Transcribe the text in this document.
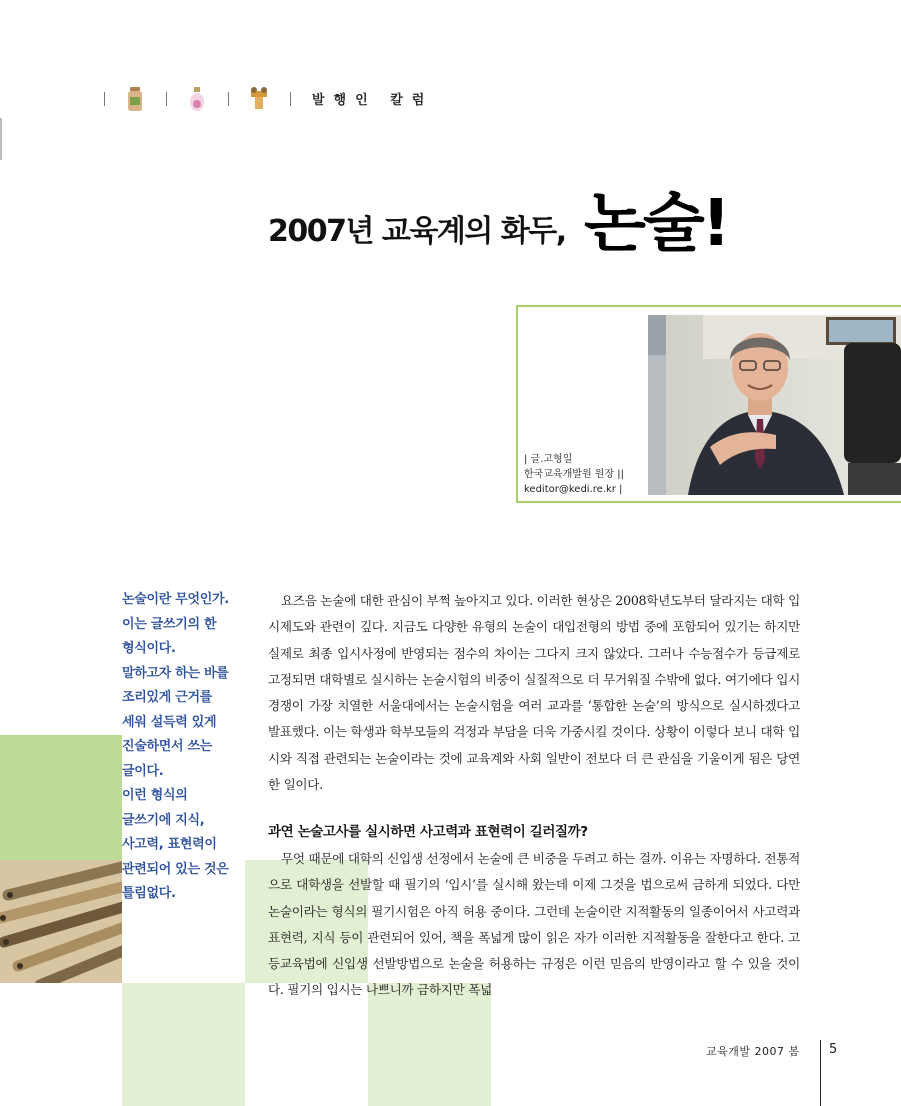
발행인 칼럼
2007년 교육계의 화두, 논술!
| 글.고형일
한국교육개발원 원장 ||
keditor@kedi.re.kr |
논술이란 무엇인가.
이는 글쓰기의 한
형식이다.
말하고자 하는 바를
조리있게 근거를
세워 설득력 있게
진술하면서 쓰는
글이다.
이런 형식의
글쓰기에 지식,
사고력, 표현력이
관련되어 있는 것은
틀림없다.
요즈음 논술에 대한 관심이 부쩍 높아지고 있다. 이러한 현상은 2008학년도부터 달라지는 대학 입시제도와 관련이 깊다. 지금도 다양한 유형의 논술이 대입전형의 방법 중에 포함되어 있기는 하지만 실제로 최종 입시사정에 반영되는 점수의 차이는 그다지 크지 않았다. 그러나 수능점수가 등급제로 고정되면 대학별로 실시하는 논술시험의 비중이 실질적으로 더 무거워질 수밖에 없다. 여기에다 입시경쟁이 가장 치열한 서울대에서는 논술시험을 여러 교과를 ‘통합한 논술’의 방식으로 실시하겠다고 발표했다. 이는 학생과 학부모들의 걱정과 부담을 더욱 가중시킬 것이다. 상황이 이렇다 보니 대학 입시와 직접 관련되는 논술이라는 것에 교육계와 사회 일반이 전보다 더 큰 관심을 기울이게 됨은 당연한 일이다.
과연 논술고사를 실시하면 사고력과 표현력이 길러질까?
무엇 때문에 대학의 신입생 선정에서 논술에 큰 비중을 두려고 하는 걸까. 이유는 자명하다. 전통적으로 대학생을 선발할 때 필기의 ‘입시’를 실시해 왔는데 이제 그것을 법으로써 금하게 되었다. 다만 논술이라는 형식의 필기시험은 아직 허용 중이다. 그런데 논술이란 지적활동의 일종이어서 사고력과 표현력, 지식 등이 관련되어 있어, 책을 폭넓게 많이 읽은 자가 이러한 지적활동을 잘한다고 한다. 고등교육법에 신입생 선발방법으로 논술을 허용하는 규정은 이런 믿음의 반영이라고 할 수 있을 것이다. 필기의 입시는 나쁘니까 금하지만 폭넓
교육개발 2007 봄 5
